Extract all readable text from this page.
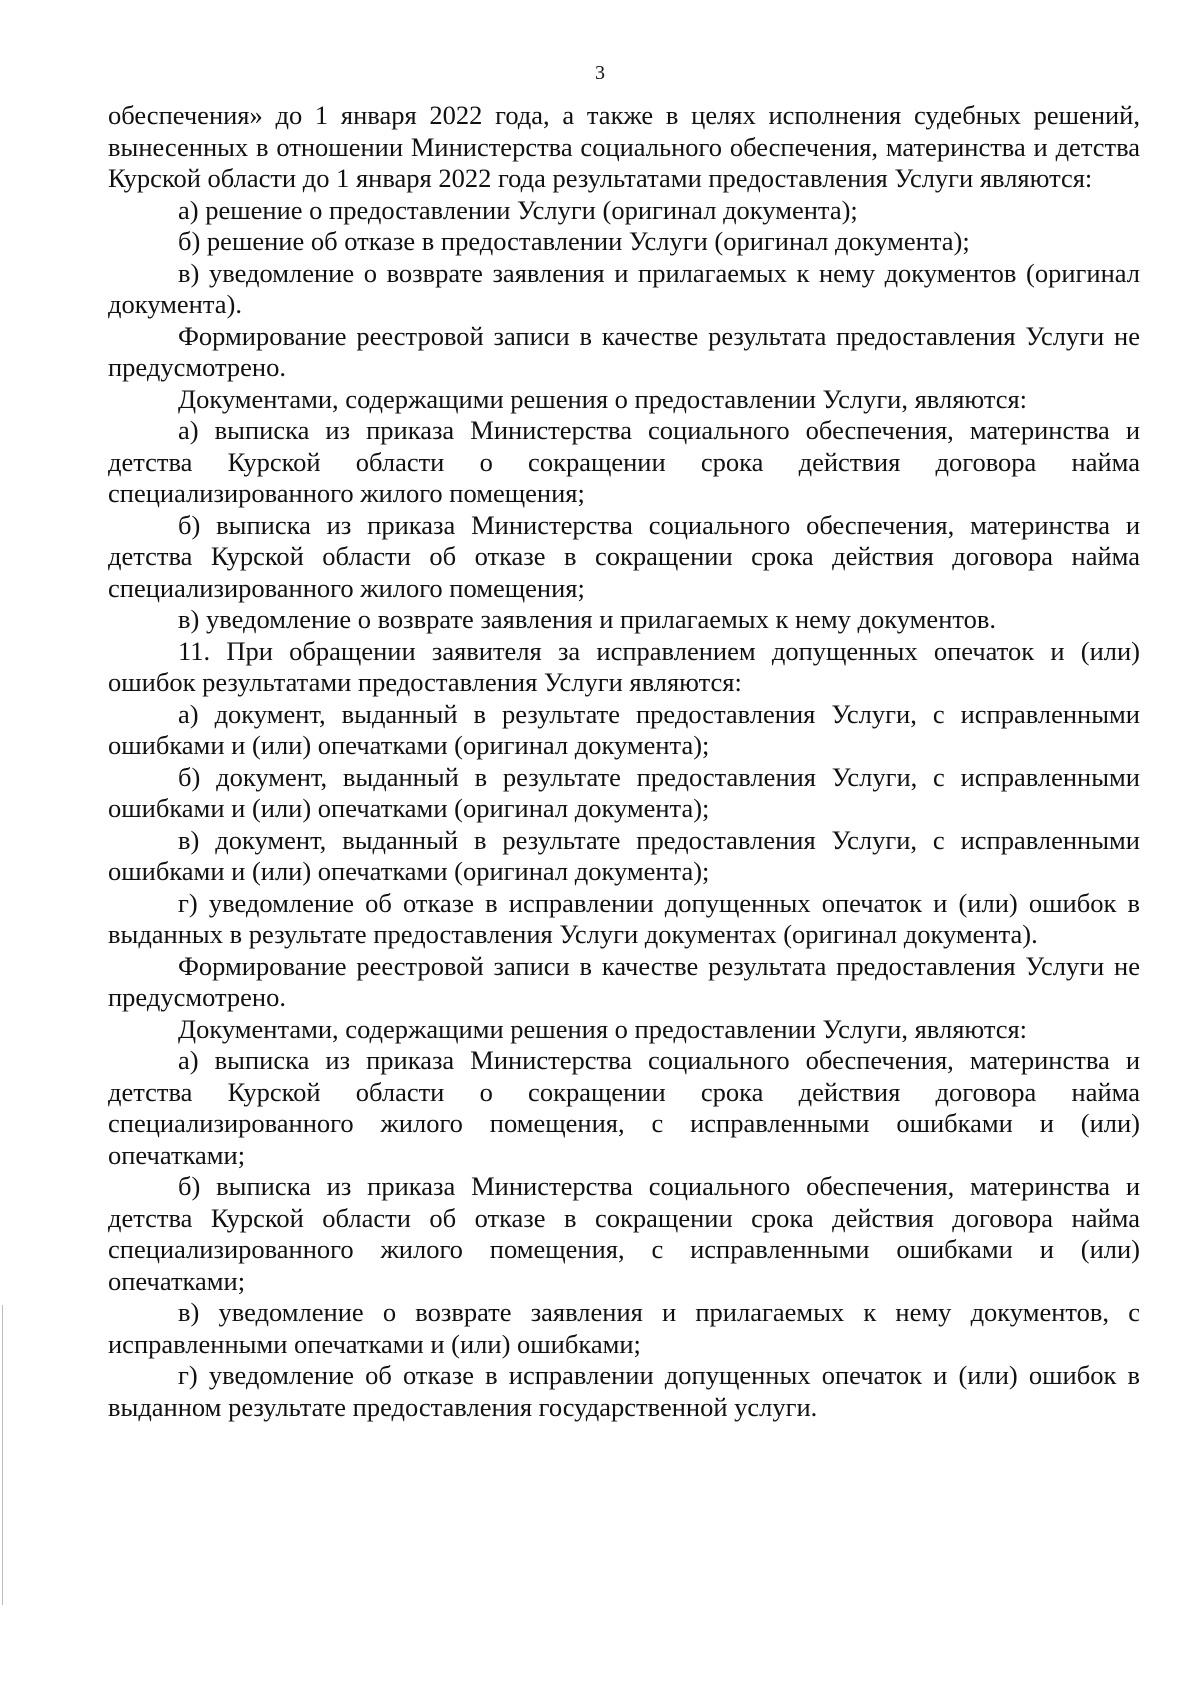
3

обеспечения» до 1 января 2022 года, а также в целях исполнения судебных решений, вынесенных в отношении Министерства социального обеспечения, материнства и детства Курской области до 1 января 2022 года результатами предоставления Услуги являются:

а) решение о предоставлении Услуги (оригинал документа);

б) решение об отказе в предоставлении Услуги (оригинал документа);

в) уведомление о возврате заявления и прилагаемых к нему документов (оригинал документа).

Формирование реестровой записи в качестве результата предоставления Услуги не предусмотрено.

Документами, содержащими решения о предоставлении Услуги, являются:

а) выписка из приказа Министерства социального обеспечения, материнства и детства Курской области о сокращении срока действия договора найма специализированного жилого помещения;

б) выписка из приказа Министерства социального обеспечения, материнства и детства Курской области об отказе в сокращении срока действия договора найма специализированного жилого помещения;

в) уведомление о возврате заявления и прилагаемых к нему документов.

11. При обращении заявителя за исправлением допущенных опечаток и (или) ошибок результатами предоставления Услуги являются:

а) документ, выданный в результате предоставления Услуги, с исправленными ошибками и (или) опечатками (оригинал документа);

б) документ, выданный в результате предоставления Услуги, с исправленными ошибками и (или) опечатками (оригинал документа);

в) документ, выданный в результате предоставления Услуги, с исправленными ошибками и (или) опечатками (оригинал документа);

г) уведомление об отказе в исправлении допущенных опечаток и (или) ошибок в выданных в результате предоставления Услуги документах (оригинал документа).

Формирование реестровой записи в качестве результата предоставления Услуги не предусмотрено.

Документами, содержащими решения о предоставлении Услуги, являются:

а) выписка из приказа Министерства социального обеспечения, материнства и детства Курской области о сокращении срока действия договора найма специализированного жилого помещения, с исправленными ошибками и (или) опечатками;

б) выписка из приказа Министерства социального обеспечения, материнства и детства Курской области об отказе в сокращении срока действия договора найма специализированного жилого помещения, с исправленными ошибками и (или) опечатками;

в) уведомление о возврате заявления и прилагаемых к нему документов, с исправленными опечатками и (или) ошибками;

г) уведомление об отказе в исправлении допущенных опечаток и (или) ошибок в выданном результате предоставления государственной услуги.
